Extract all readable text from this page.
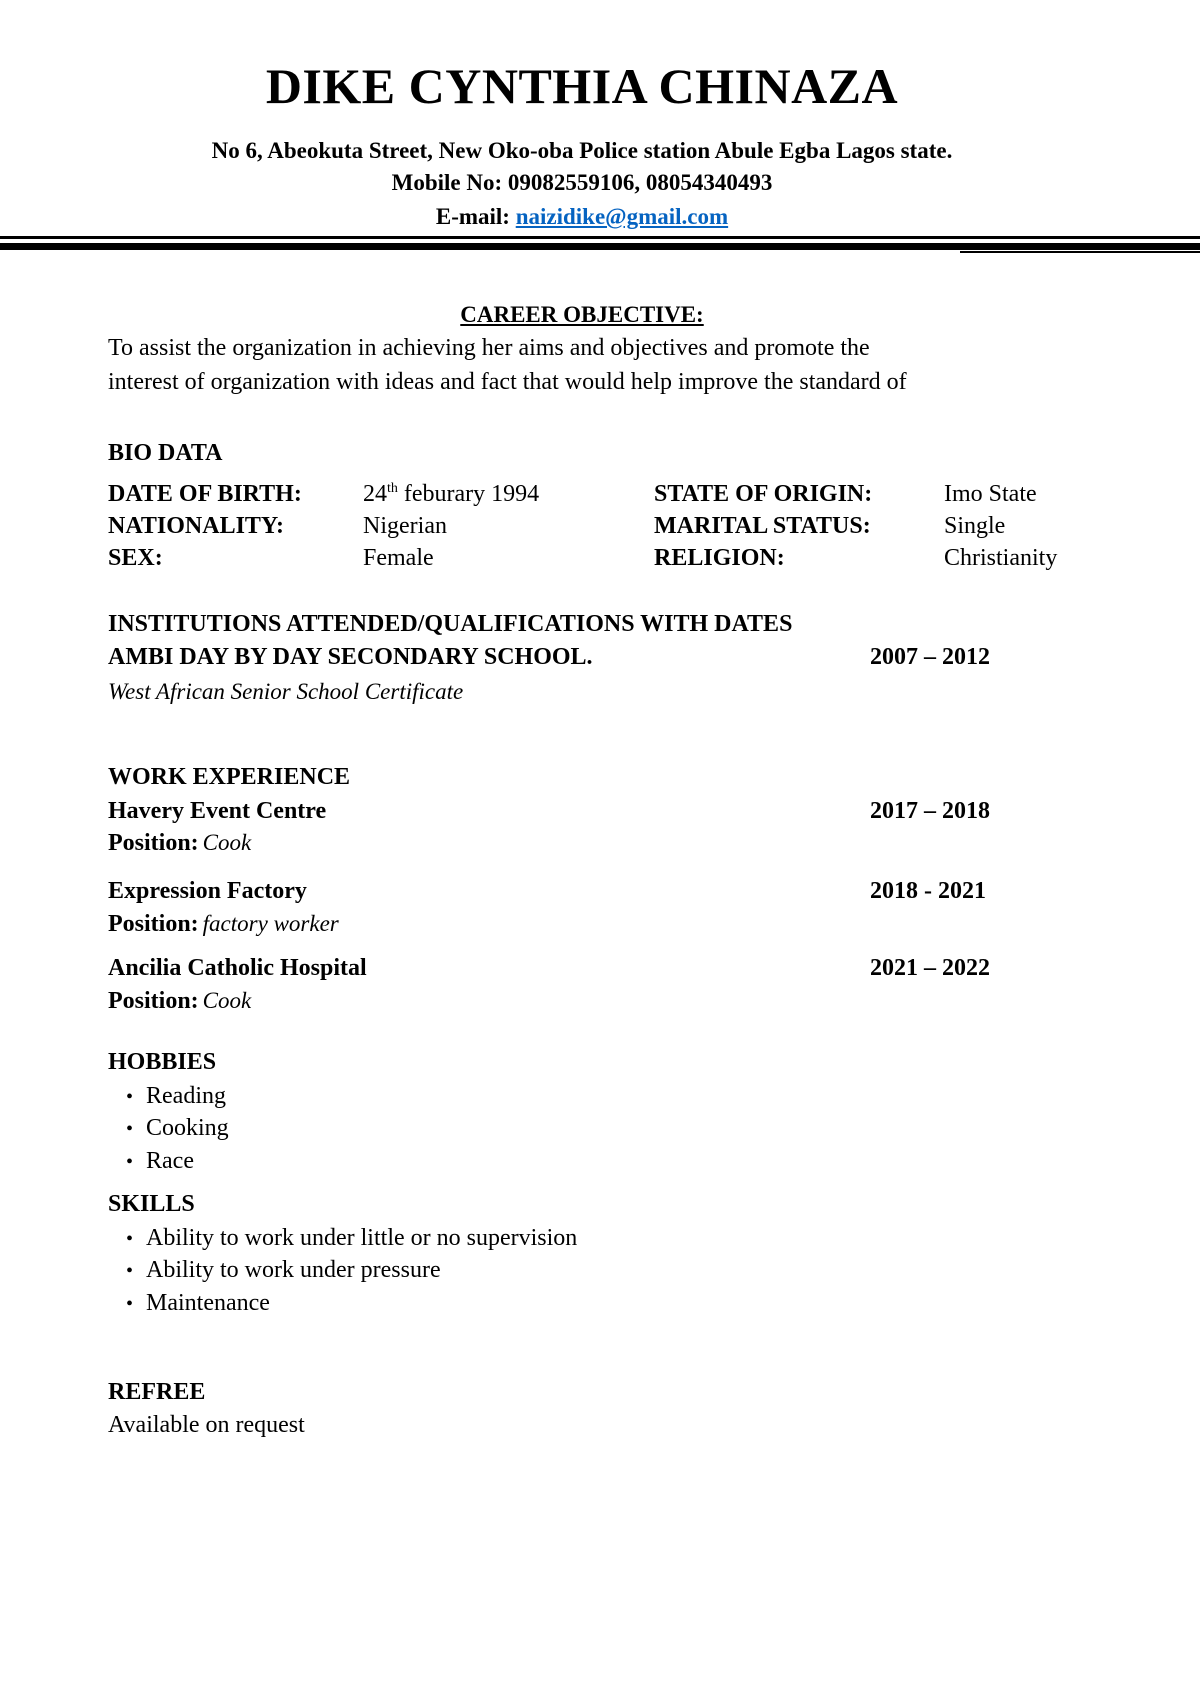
DIKE CYNTHIA CHINAZA
No 6, Abeokuta Street, New Oko-oba Police station Abule Egba Lagos state.
Mobile No: 09082559106, 08054340493
E-mail: naizidike@gmail.com
CAREER OBJECTIVE:
To assist the organization in achieving her aims and objectives and promote the
interest of organization with ideas and fact that would help improve the standard of
BIO DATA
DATE OF BIRTH:	24th feburary 1994	STATE OF ORIGIN:	Imo State
NATIONALITY:	Nigerian	MARITAL STATUS:	Single
SEX:	Female	RELIGION:	Christianity
INSTITUTIONS ATTENDED/QUALIFICATIONS WITH DATES
AMBI DAY BY DAY SECONDARY SCHOOL.	2007 – 2012
West African Senior School Certificate
WORK EXPERIENCE
Havery Event Centre	2017 – 2018
Position: Cook
Expression Factory	2018 - 2021
Position: factory worker
Ancilia Catholic Hospital	2021 – 2022
Position: Cook
HOBBIES
• Reading
• Cooking
• Race
SKILLS
• Ability to work under little or no supervision
• Ability to work under pressure
• Maintenance
REFREE
Available on request
